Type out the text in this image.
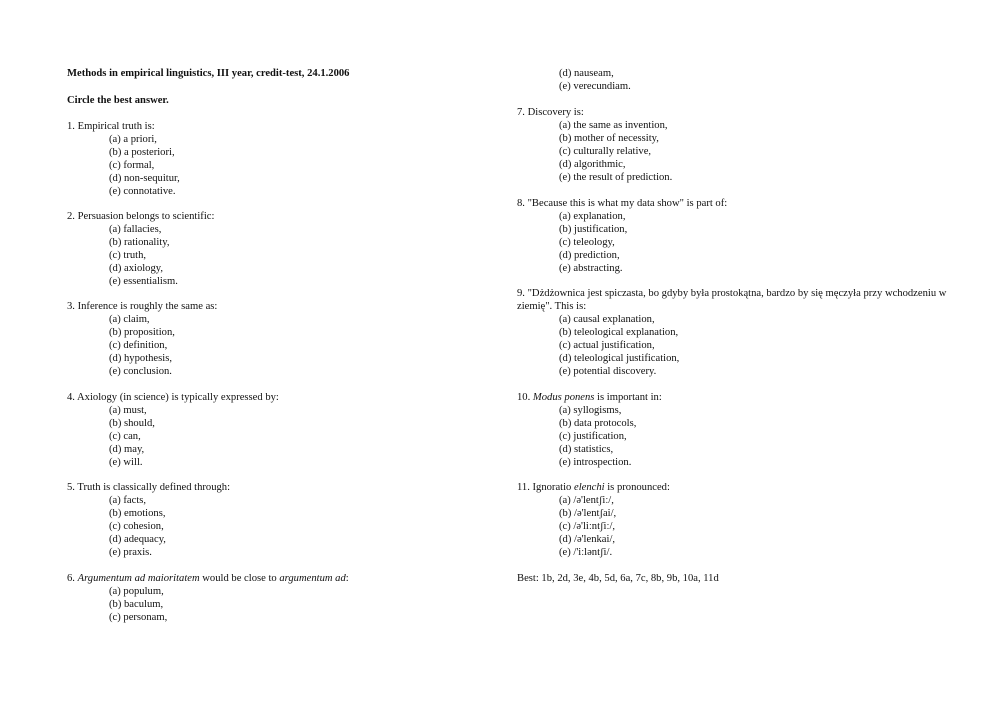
Methods in empirical linguistics, III year, credit-test, 24.1.2006
Circle the best answer.
1. Empirical truth is:
(a) a priori,
(b) a posteriori,
(c) formal,
(d) non-sequitur,
(e) connotative.
2. Persuasion belongs to scientific:
(a) fallacies,
(b) rationality,
(c) truth,
(d) axiology,
(e) essentialism.
3. Inference is roughly the same as:
(a) claim,
(b) proposition,
(c) definition,
(d) hypothesis,
(e) conclusion.
4. Axiology (in science) is typically expressed by:
(a) must,
(b) should,
(c) can,
(d) may,
(e) will.
5. Truth is classically defined through:
(a) facts,
(b) emotions,
(c) cohesion,
(d) adequacy,
(e) praxis.
6. Argumentum ad maioritatem would be close to argumentum ad:
(a) populum,
(b) baculum,
(c) personam,
(d) nauseam,
(e) verecundiam.
7. Discovery is:
(a) the same as invention,
(b) mother of necessity,
(c) culturally relative,
(d) algorithmic,
(e) the result of prediction.
8. "Because this is what my data show" is part of:
(a) explanation,
(b) justification,
(c) teleology,
(d) prediction,
(e) abstracting.
9. "Dżdżownica jest spiczasta, bo gdyby była prostokątna, bardzo by się męczyła przy wchodzeniu w ziemię". This is:
(a) causal explanation,
(b) teleological explanation,
(c) actual justification,
(d) teleological justification,
(e) potential discovery.
10. Modus ponens is important in:
(a) syllogisms,
(b) data protocols,
(c) justification,
(d) statistics,
(e) introspection.
11. Ignoratio elenchi is pronounced:
(a) /ə'lentʃiː/,
(b) /ə'lentʃai/,
(c) /ə'liːntʃiː/,
(d) /ə'lenkai/,
(e) /'iːləntʃi/.
Best: 1b, 2d, 3e, 4b, 5d, 6a, 7c, 8b, 9b, 10a, 11d
